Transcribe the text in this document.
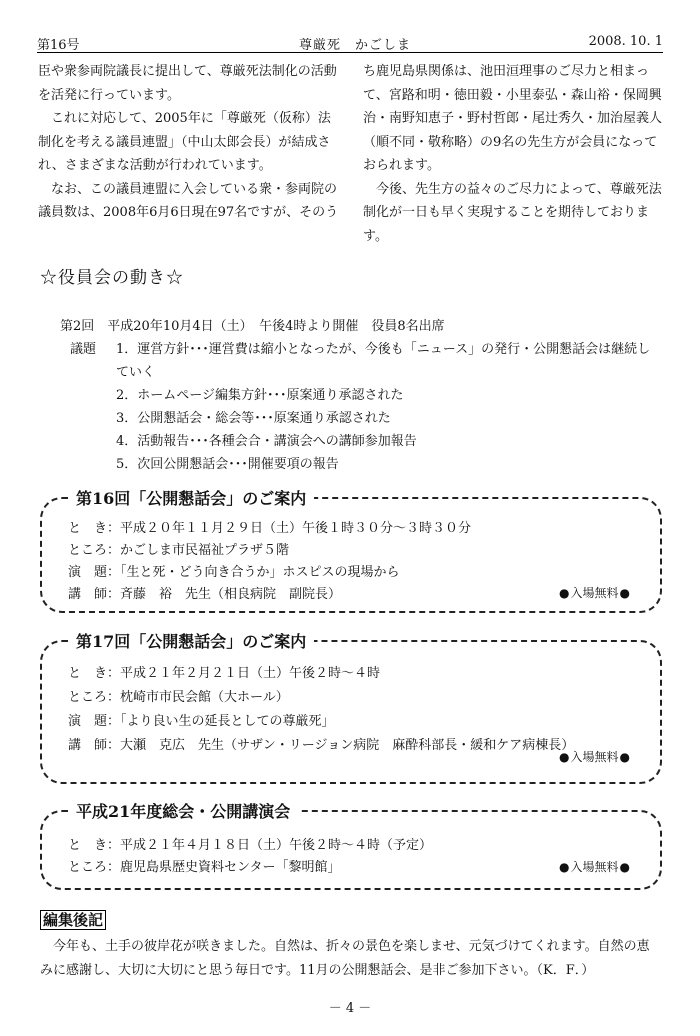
第16号	尊厳死　かごしま	2008. 10. 1

臣や衆参両院議長に提出して、尊厳死法制化の活動を活発に行っています。

これに対応して、2005年に「尊厳死（仮称）法制化を考える議員連盟」（中山太郎会長）が結成され、さまざまな活動が行われています。

なお、この議員連盟に入会している衆・参両院の議員数は、2008年6月6日現在97名ですが、そのう

ち鹿児島県関係は、池田洹理事のご尽力と相まって、宮路和明・徳田毅・小里泰弘・森山裕・保岡興治・南野知恵子・野村哲郎・尾辻秀久・加治屋義人（順不同・敬称略）の9名の先生方が会員になっておられます。

今後、先生方の益々のご尽力によって、尊厳死法制化が一日も早く実現することを期待しております。

☆役員会の動き☆
第2回　平成20年10月4日（土）　午後4時より開催　役員8名出席
議題 1．運営方針･･･運営費は縮小となったが、今後も「ニュース」の発行・公開懇話会は継続していく
2．ホームページ編集方針･･･原案通り承認された
3．公開懇話会・総会等･･･原案通り承認された
4．活動報告･･･各種会合・講演会への講師参加報告
5．次回公開懇話会･･･開催要項の報告
第16回「公開懇話会」のご案内
と　き：平成２０年１１月２９日（土）午後１時３０分～３時３０分
ところ：かごしま市民福祉プラザ５階
演　題：「生と死・どう向き合うか」ホスピスの現場から
講　師：斉藤　裕　先生（相良病院　副院長）	● 入場無料 ●
第17回「公開懇話会」のご案内
と　き：平成２１年２月２１日（土）午後２時～４時
ところ：枕崎市市民会館（大ホール）
演　題：「より良い生の延長としての尊厳死」
講　師：大瀬　克広　先生（サザン・リージョン病院　麻酔科部長・緩和ケア病棟長）
● 入場無料 ●
平成21年度総会・公開講演会
と　き：平成２１年４月１８日（土）午後２時～４時（予定）
ところ：鹿児島県歴史資料センター「黎明館」	● 入場無料 ●
編集後記

今年も、土手の彼岸花が咲きました。自然は、折々の景色を楽しませ、元気づけてくれます。自然の恵みに感謝し、大切に大切にと思う毎日です。11月の公開懇話会、是非ご参加下さい。（K．F．）

－ 4 －
